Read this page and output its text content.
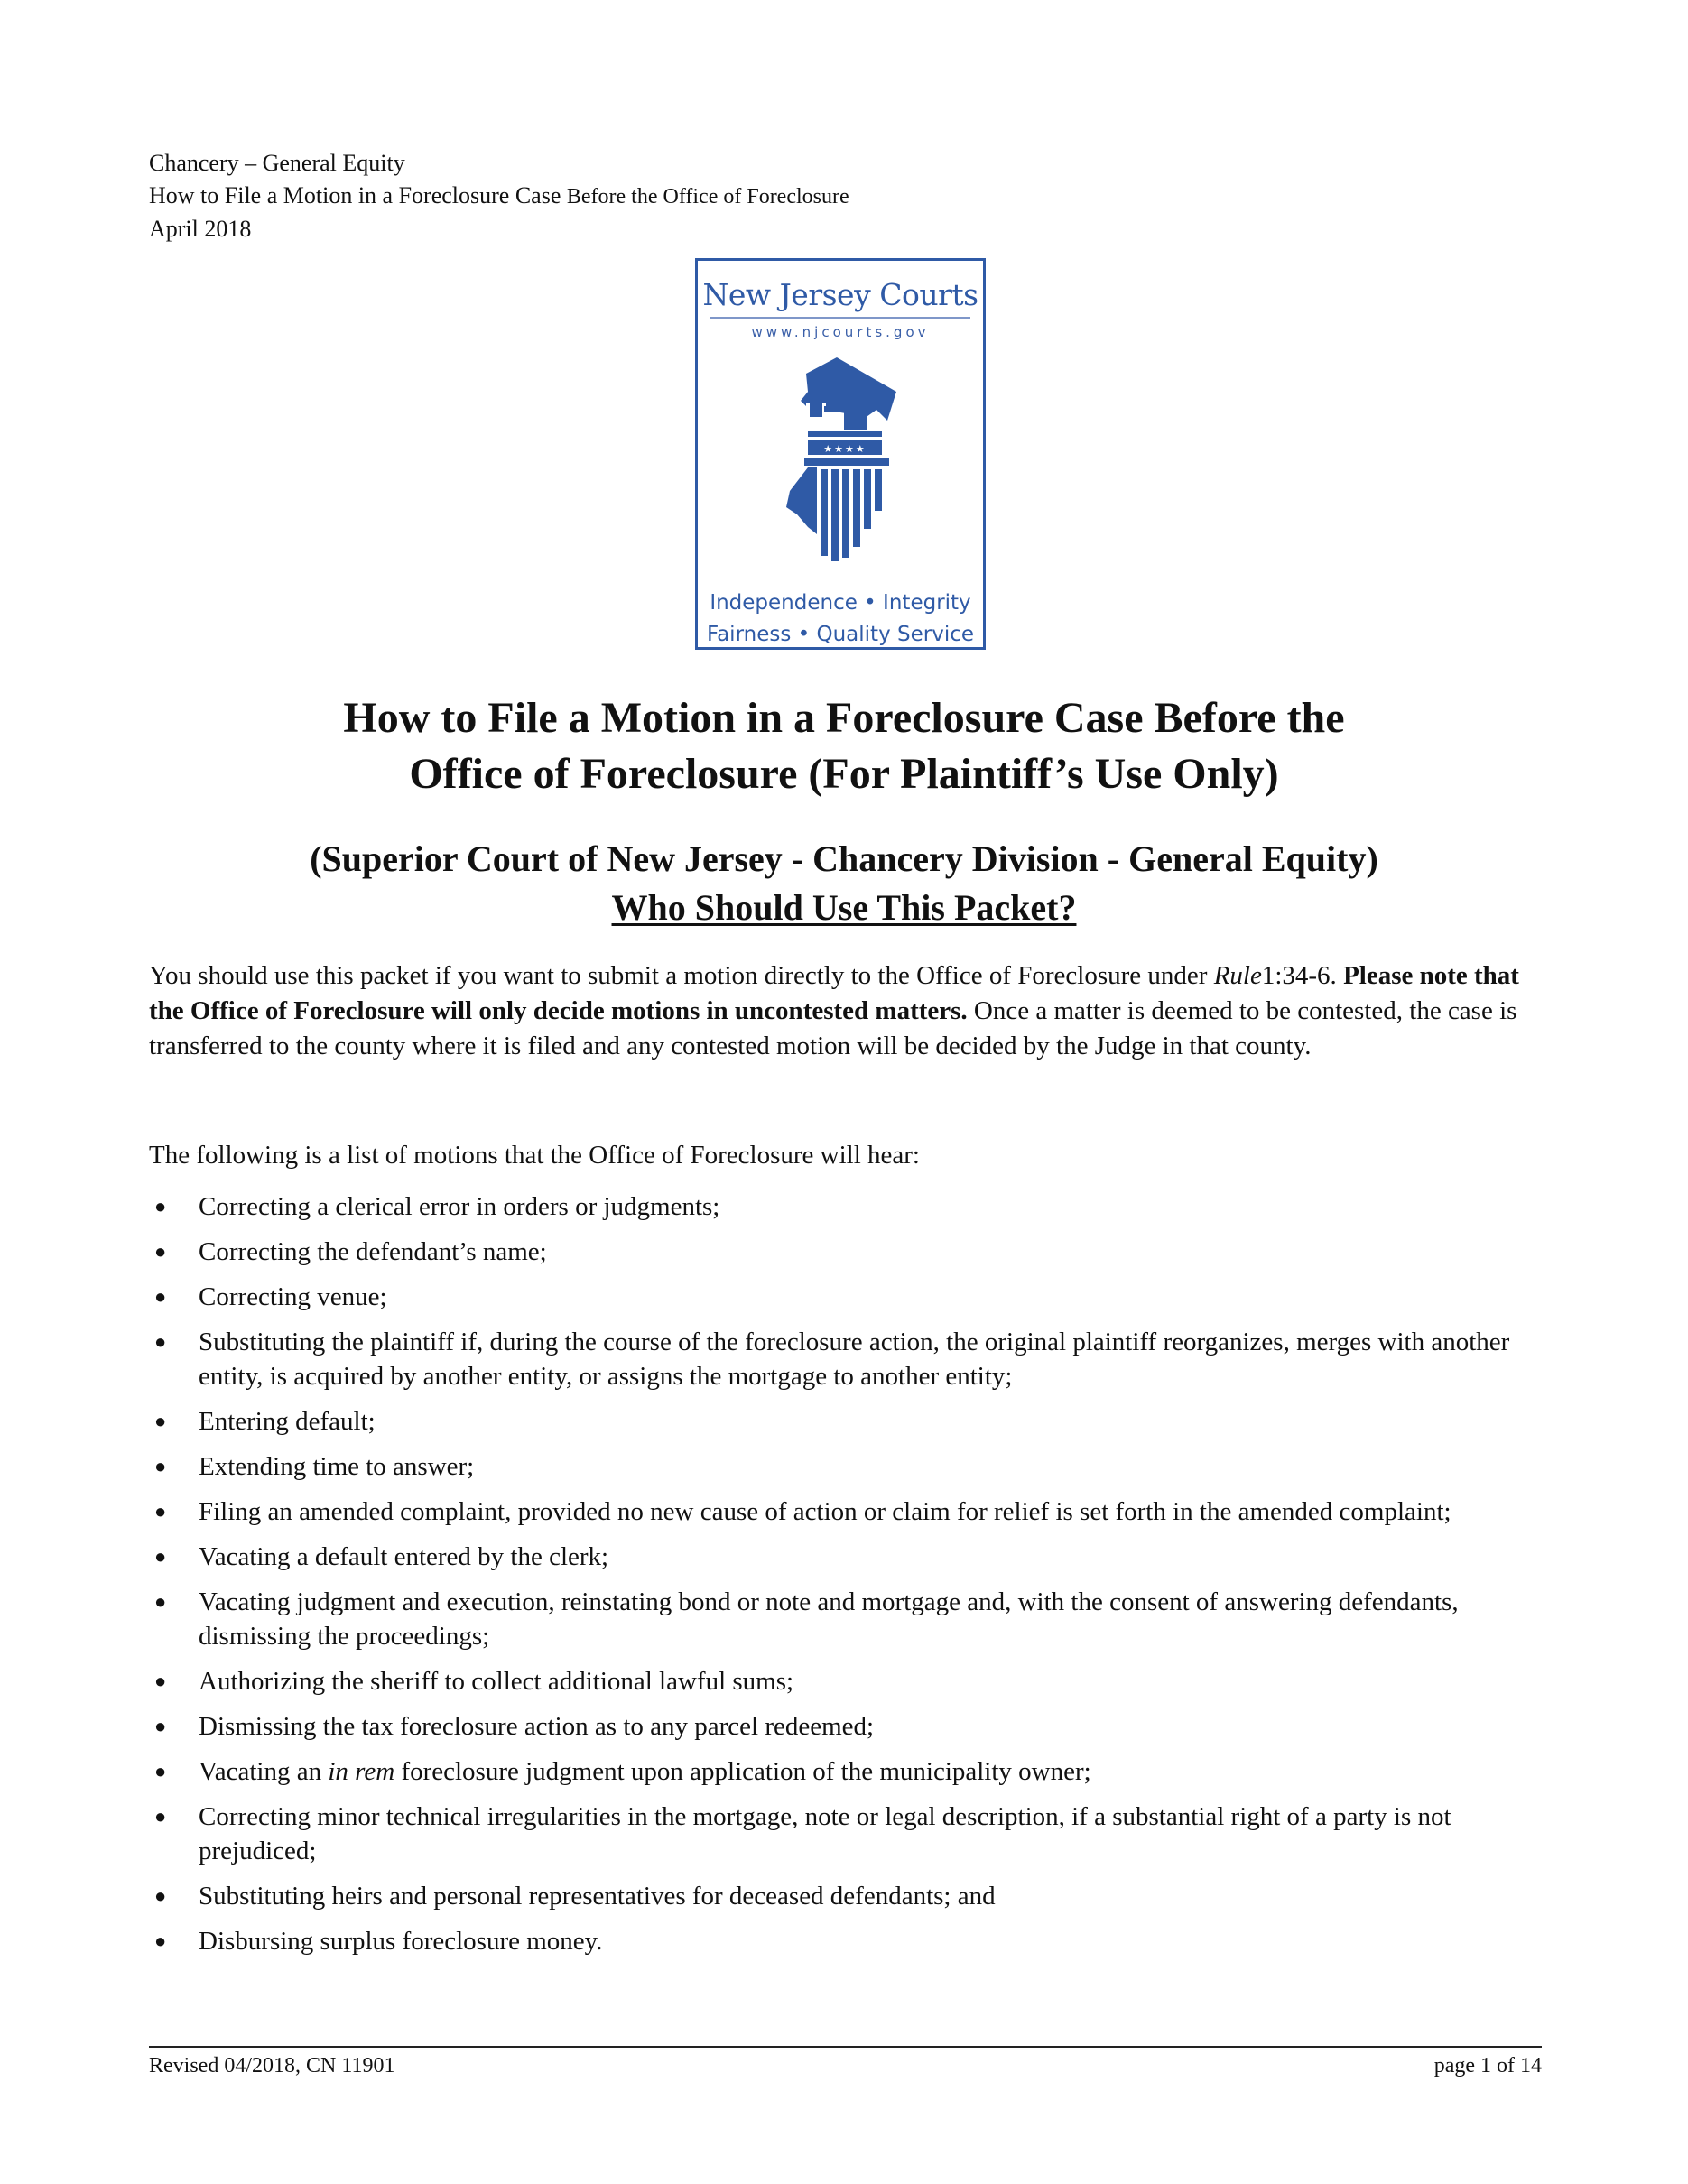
Chancery – General Equity
How to File a Motion in a Foreclosure Case Before the Office of Foreclosure
April 2018
New Jersey Courts
www.njcourts.gov
★★★★
Independence • Integrity
Fairness • Quality Service
How to File a Motion in a Foreclosure Case Before the
Office of Foreclosure (For Plaintiff’s Use Only)
(Superior Court of New Jersey - Chancery Division - General Equity)
Who Should Use This Packet?

You should use this packet if you want to submit a motion directly to the Office of Foreclosure under Rule1:34-6. Please note that the Office of Foreclosure will only decide motions in uncontested matters. Once a matter is deemed to be contested, the case is transferred to the county where it is filed and any contested motion will be decided by the Judge in that county.

The following is a list of motions that the Office of Foreclosure will hear:

● Correcting a clerical error in orders or judgments;
● Correcting the defendant’s name;
● Correcting venue;
● Substituting the plaintiff if, during the course of the foreclosure action, the original plaintiff reorganizes, merges with another entity, is acquired by another entity, or assigns the mortgage to another entity;
● Entering default;
● Extending time to answer;
● Filing an amended complaint, provided no new cause of action or claim for relief is set forth in the amended complaint;
● Vacating a default entered by the clerk;
● Vacating judgment and execution, reinstating bond or note and mortgage and, with the consent of answering defendants, dismissing the proceedings;
● Authorizing the sheriff to collect additional lawful sums;
● Dismissing the tax foreclosure action as to any parcel redeemed;
● Vacating an in rem foreclosure judgment upon application of the municipality owner;
● Correcting minor technical irregularities in the mortgage, note or legal description, if a substantial right of a party is not prejudiced;
● Substituting heirs and personal representatives for deceased defendants; and
● Disbursing surplus foreclosure money.
Revised 04/2018, CN 11901	page 1 of 14
